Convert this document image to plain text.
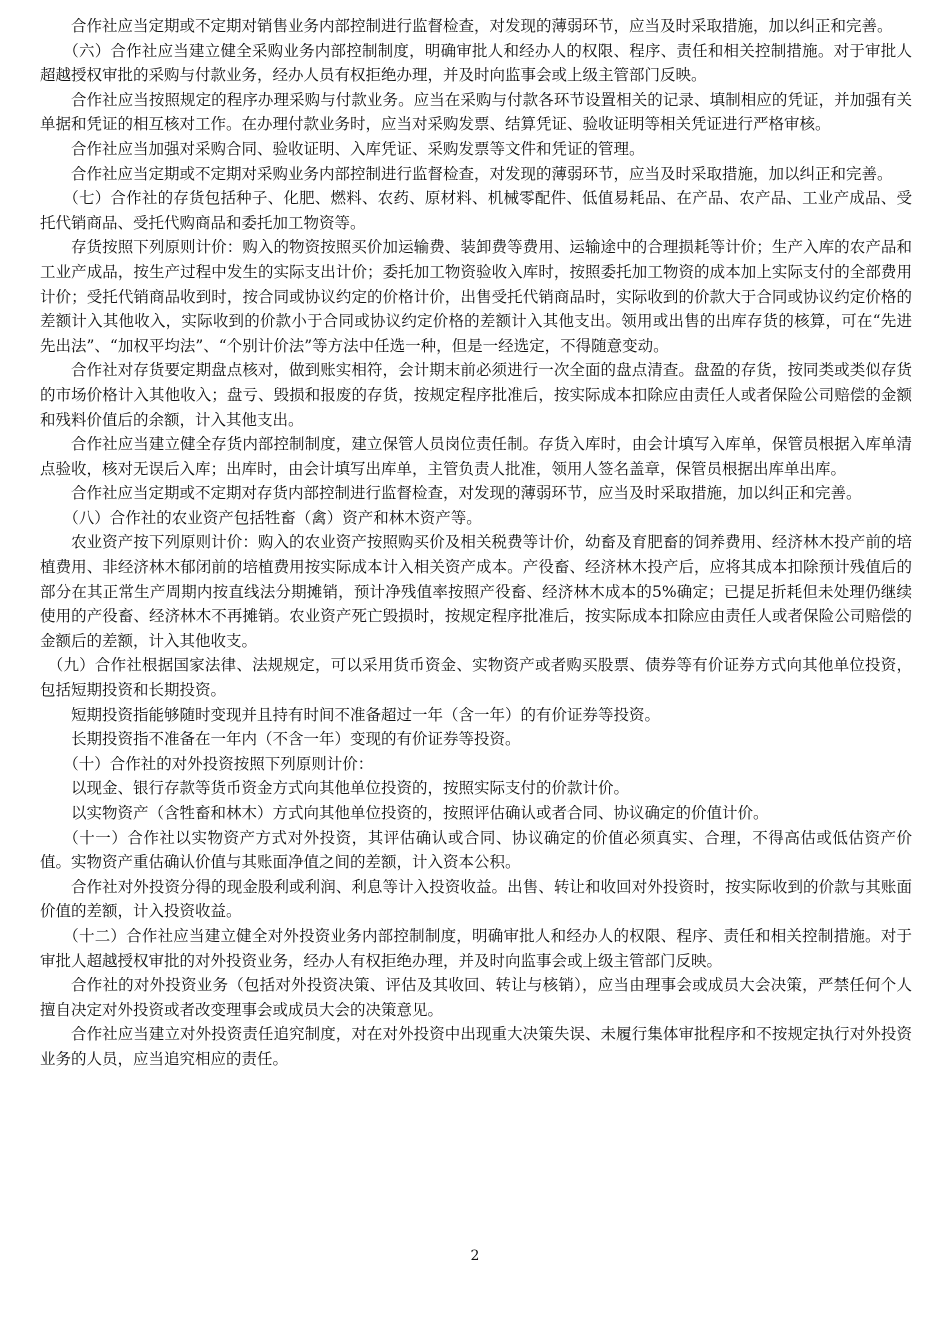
合作社应当定期或不定期对销售业务内部控制进行监督检查，对发现的薄弱环节，应当及时采取措施，加以纠正和完善。

（六）合作社应当建立健全采购业务内部控制制度，明确审批人和经办人的权限、程序、责任和相关控制措施。对于审批人超越授权审批的采购与付款业务，经办人员有权拒绝办理，并及时向监事会或上级主管部门反映。

合作社应当按照规定的程序办理采购与付款业务。应当在采购与付款各环节设置相关的记录、填制相应的凭证，并加强有关单据和凭证的相互核对工作。在办理付款业务时，应当对采购发票、结算凭证、验收证明等相关凭证进行严格审核。

合作社应当加强对采购合同、验收证明、入库凭证、采购发票等文件和凭证的管理。

合作社应当定期或不定期对采购业务内部控制进行监督检查，对发现的薄弱环节，应当及时采取措施，加以纠正和完善。

（七）合作社的存货包括种子、化肥、燃料、农药、原材料、机械零配件、低值易耗品、在产品、农产品、工业产成品、受托代销商品、受托代购商品和委托加工物资等。

存货按照下列原则计价：购入的物资按照买价加运输费、装卸费等费用、运输途中的合理损耗等计价；生产入库的农产品和工业产成品，按生产过程中发生的实际支出计价；委托加工物资验收入库时，按照委托加工物资的成本加上实际支付的全部费用计价；受托代销商品收到时，按合同或协议约定的价格计价，出售受托代销商品时，实际收到的价款大于合同或协议约定价格的差额计入其他收入，实际收到的价款小于合同或协议约定价格的差额计入其他支出。领用或出售的出库存货的核算，可在“先进先出法”、“加权平均法”、“个别计价法”等方法中任选一种，但是一经选定，不得随意变动。

合作社对存货要定期盘点核对，做到账实相符，会计期末前必须进行一次全面的盘点清查。盘盈的存货，按同类或类似存货的市场价格计入其他收入；盘亏、毁损和报废的存货，按规定程序批准后，按实际成本扣除应由责任人或者保险公司赔偿的金额和残料价值后的余额，计入其他支出。

合作社应当建立健全存货内部控制制度，建立保管人员岗位责任制。存货入库时，由会计填写入库单，保管员根据入库单清点验收，核对无误后入库；出库时，由会计填写出库单，主管负责人批准，领用人签名盖章，保管员根据出库单出库。

合作社应当定期或不定期对存货内部控制进行监督检查，对发现的薄弱环节，应当及时采取措施，加以纠正和完善。

（八）合作社的农业资产包括牲畜（禽）资产和林木资产等。

农业资产按下列原则计价：购入的农业资产按照购买价及相关税费等计价，幼畜及育肥畜的饲养费用、经济林木投产前的培植费用、非经济林木郁闭前的培植费用按实际成本计入相关资产成本。产役畜、经济林木投产后，应将其成本扣除预计残值后的部分在其正常生产周期内按直线法分期摊销，预计净残值率按照产役畜、经济林木成本的5%确定；已提足折耗但未处理仍继续使用的产役畜、经济林木不再摊销。农业资产死亡毁损时，按规定程序批准后，按实际成本扣除应由责任人或者保险公司赔偿的金额后的差额，计入其他收支。

（九）合作社根据国家法律、法规规定，可以采用货币资金、实物资产或者购买股票、债券等有价证券方式向其他单位投资，包括短期投资和长期投资。

短期投资指能够随时变现并且持有时间不准备超过一年（含一年）的有价证券等投资。

长期投资指不准备在一年内（不含一年）变现的有价证券等投资。

（十）合作社的对外投资按照下列原则计价：

以现金、银行存款等货币资金方式向其他单位投资的，按照实际支付的价款计价。

以实物资产（含牲畜和林木）方式向其他单位投资的，按照评估确认或者合同、协议确定的价值计价。

（十一）合作社以实物资产方式对外投资，其评估确认或合同、协议确定的价值必须真实、合理，不得高估或低估资产价值。实物资产重估确认价值与其账面净值之间的差额，计入资本公积。

合作社对外投资分得的现金股利或利润、利息等计入投资收益。出售、转让和收回对外投资时，按实际收到的价款与其账面价值的差额，计入投资收益。

（十二）合作社应当建立健全对外投资业务内部控制制度，明确审批人和经办人的权限、程序、责任和相关控制措施。对于审批人超越授权审批的对外投资业务，经办人有权拒绝办理，并及时向监事会或上级主管部门反映。

合作社的对外投资业务（包括对外投资决策、评估及其收回、转让与核销），应当由理事会或成员大会决策，严禁任何个人擅自决定对外投资或者改变理事会或成员大会的决策意见。

合作社应当建立对外投资责任追究制度，对在对外投资中出现重大决策失误、未履行集体审批程序和不按规定执行对外投资业务的人员，应当追究相应的责任。

2
